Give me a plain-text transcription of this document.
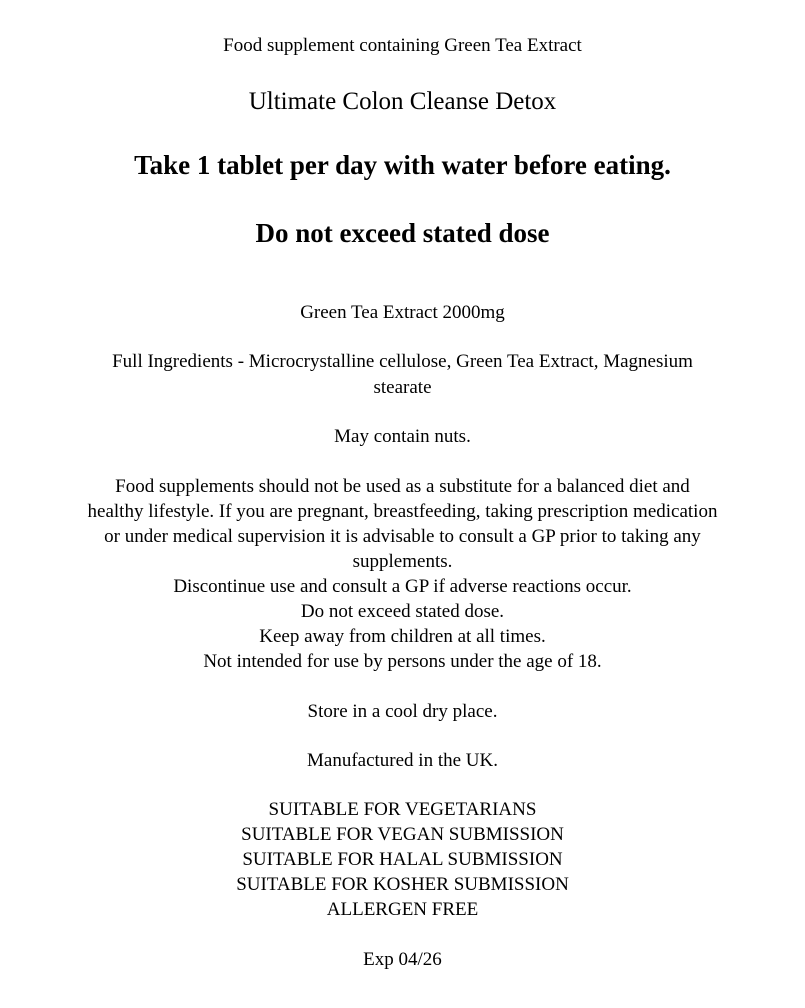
Food supplement containing Green Tea Extract
Ultimate Colon Cleanse Detox
Take 1 tablet per day with water before eating.
Do not exceed stated dose
Green Tea Extract 2000mg
Full Ingredients - Microcrystalline cellulose, Green Tea Extract, Magnesium
stearate
May contain nuts.
Food supplements should not be used as a substitute for a balanced diet and
healthy lifestyle. If you are pregnant, breastfeeding, taking prescription medication
or under medical supervision it is advisable to consult a GP prior to taking any
supplements.
Discontinue use and consult a GP if adverse reactions occur.
Do not exceed stated dose.
Keep away from children at all times.
Not intended for use by persons under the age of 18.
Store in a cool dry place.
Manufactured in the UK.
SUITABLE FOR VEGETARIANS
SUITABLE FOR VEGAN SUBMISSION
SUITABLE FOR HALAL SUBMISSION
SUITABLE FOR KOSHER SUBMISSION
ALLERGEN FREE
Exp 04/26
